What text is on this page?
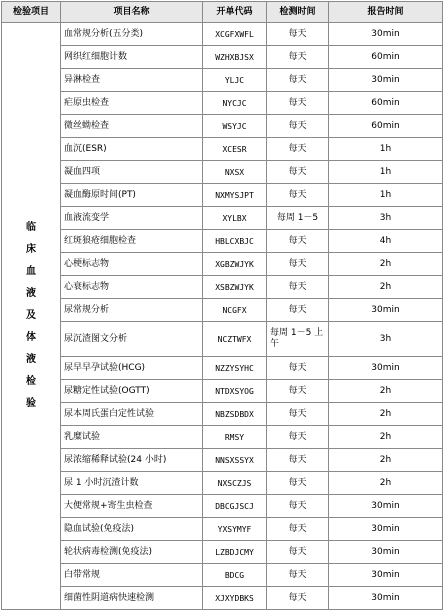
检验项目	项目名称	开单代码	检测时间	报告时间
临床血液及体液检验	血常规分析(五分类)	XCGFXWFL	每天	30min
	网织红细胞计数	WZHXBJSX	每天	60min
	异淋检查	YLJC	每天	30min
	疟原虫检查	NYCJC	每天	60min
	微丝蚴检查	WSYJC	每天	60min
	血沉(ESR)	XCESR	每天	1h
	凝血四项	NXSX	每天	1h
	凝血酶原时间(PT)	NXMYSJPT	每天	1h
	血液流变学	XYLBX	每周 1－5	3h
	红斑狼疮细胞检查	HBLCXBJC	每天	4h
	心梗标志物	XGBZWJYK	每天	2h
	心衰标志物	XSBZWJYK	每天	2h
	尿常规分析	NCGFX	每天	30min
	尿沉渣图文分析	NCZTWFX	每周 1－5 上午	3h
	尿早早孕试验(HCG)	NZZYSYHC	每天	30min
	尿糖定性试验(OGTT)	NTDXSYOG	每天	2h
	尿本周氏蛋白定性试验	NBZSDBDX	每天	2h
	乳糜试验	RMSY	每天	2h
	尿浓缩稀释试验(24 小时)	NNSXSSYX	每天	2h
	尿 1 小时沉渣计数	NXSCZJS	每天	2h
	大便常规+寄生虫检查	DBCGJSCJ	每天	30min
	隐血试验(免疫法)	YXSYMYF	每天	30min
	轮状病毒检测(免疫法)	LZBDJCMY	每天	30min
	白带常规	BDCG	每天	30min
	细菌性阴道病快速检测	XJXYDBKS	每天	30min
